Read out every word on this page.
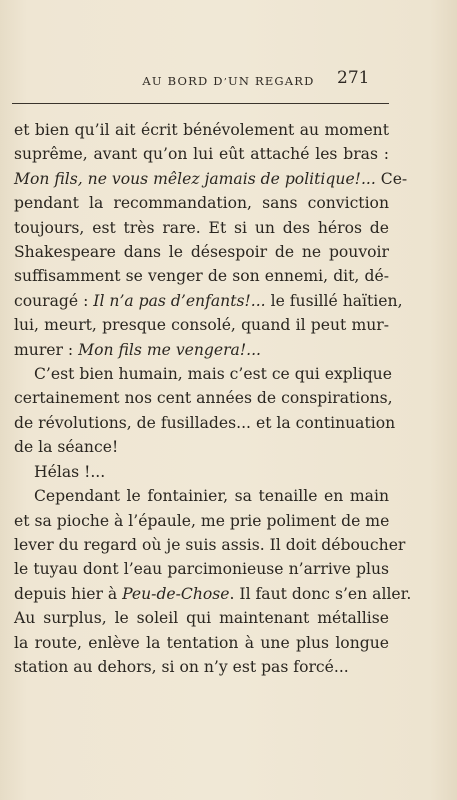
AU BORD D’UN REGARD	271
et bien qu’il ait écrit bénévolement au moment
suprême, avant qu’on lui eût attaché les bras :
Mon fils, ne vous mêlez jamais de politique!... Ce-
pendant la recommandation, sans conviction
toujours, est très rare. Et si un des héros de
Shakespeare dans le désespoir de ne pouvoir
suffisamment se venger de son ennemi, dit, dé-
couragé : Il n’a pas d’enfants!... le fusillé haïtien,
lui, meurt, presque consolé, quand il peut mur-
murer : Mon fils me vengera!...
C’est bien humain, mais c’est ce qui explique
certainement nos cent années de conspirations,
de révolutions, de fusillades... et la continuation
de la séance!
Hélas !...
Cependant le fontainier, sa tenaille en main
et sa pioche à l’épaule, me prie poliment de me
lever du regard où je suis assis. Il doit déboucher
le tuyau dont l’eau parcimonieuse n’arrive plus
depuis hier à Peu-de-Chose. Il faut donc s’en aller.
Au surplus, le soleil qui maintenant métallise
la route, enlève la tentation à une plus longue
station au dehors, si on n’y est pas forcé...
